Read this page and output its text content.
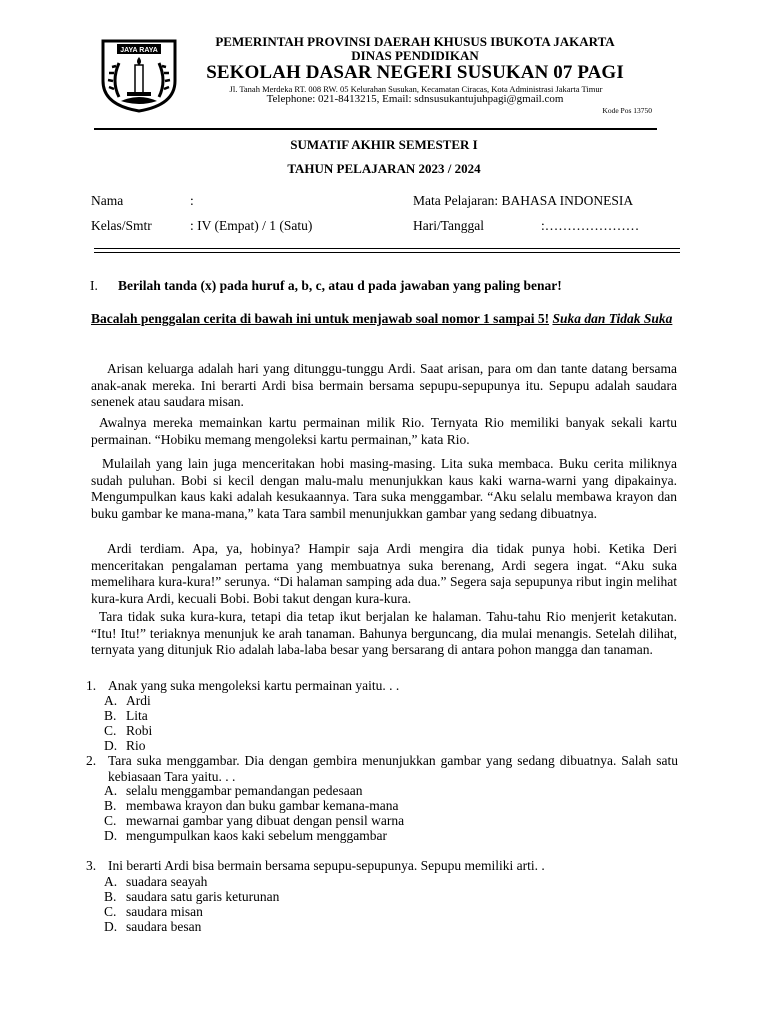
JAYA RAYA
PEMERINTAH PROVINSI DAERAH KHUSUS IBUKOTA JAKARTA
DINAS PENDIDIKAN
SEKOLAH DASAR NEGERI SUSUKAN 07 PAGI
Jl. Tanah Merdeka RT. 008 RW. 05 Kelurahan Susukan, Kecamatan Ciracas, Kota Administrasi Jakarta Timur
Telephone: 021-8413215, Email: sdnsusukantujuhpagi@gmail.com
Kode Pos 13750
SUMATIF AKHIR SEMESTER I
TAHUN PELAJARAN 2023 / 2024
Nama	:	Mata Pelajaran: BAHASA INDONESIA
Kelas/Smtr	: IV (Empat) / 1 (Satu)	Hari/Tanggal	:…………………
I. Berilah tanda (x) pada huruf a, b, c, atau d pada jawaban yang paling benar!
Bacalah penggalan cerita di bawah ini untuk menjawab soal nomor 1 sampai 5! Suka dan Tidak Suka

Arisan keluarga adalah hari yang ditunggu-tunggu Ardi. Saat arisan, para om dan tante datang bersama anak-anak mereka. Ini berarti Ardi bisa bermain bersama sepupu-sepupunya itu. Sepupu adalah saudara senenek atau saudara misan.

Awalnya mereka memainkan kartu permainan milik Rio. Ternyata Rio memiliki banyak sekali kartu permainan. “Hobiku memang mengoleksi kartu permainan,” kata Rio.

Mulailah yang lain juga menceritakan hobi masing-masing. Lita suka membaca. Buku cerita miliknya sudah puluhan. Bobi si kecil dengan malu-malu menunjukkan kaus kaki warna-warni yang dipakainya. Mengumpulkan kaus kaki adalah kesukaannya. Tara suka menggambar. “Aku selalu membawa krayon dan buku gambar ke mana-mana,” kata Tara sambil menunjukkan gambar yang sedang dibuatnya.

Ardi terdiam. Apa, ya, hobinya? Hampir saja Ardi mengira dia tidak punya hobi. Ketika Deri menceritakan pengalaman pertama yang membuatnya suka berenang, Ardi segera ingat. “Aku suka memelihara kura-kura!” serunya. “Di halaman samping ada dua.” Segera saja sepupunya ribut ingin melihat kura-kura Ardi, kecuali Bobi. Bobi takut dengan kura-kura.

Tara tidak suka kura-kura, tetapi dia tetap ikut berjalan ke halaman. Tahu-tahu Rio menjerit ketakutan. “Itu! Itu!” teriaknya menunjuk ke arah tanaman. Bahunya berguncang, dia mulai menangis. Setelah dilihat, ternyata yang ditunjuk Rio adalah laba-laba besar yang bersarang di antara pohon mangga dan tanaman.

1. Anak yang suka mengoleksi kartu permainan yaitu. . .
A. Ardi
B. Lita
C. Robi
D. Rio
2. Tara suka menggambar. Dia dengan gembira menunjukkan gambar yang sedang dibuatnya. Salah satu kebiasaan Tara yaitu. . .
A. selalu menggambar pemandangan pedesaan
B. membawa krayon dan buku gambar kemana-mana
C. mewarnai gambar yang dibuat dengan pensil warna
D. mengumpulkan kaos kaki sebelum menggambar
3. Ini berarti Ardi bisa bermain bersama sepupu-sepupunya. Sepupu memiliki arti. .
A. suadara seayah
B. saudara satu garis keturunan
C. saudara misan
D. saudara besan
